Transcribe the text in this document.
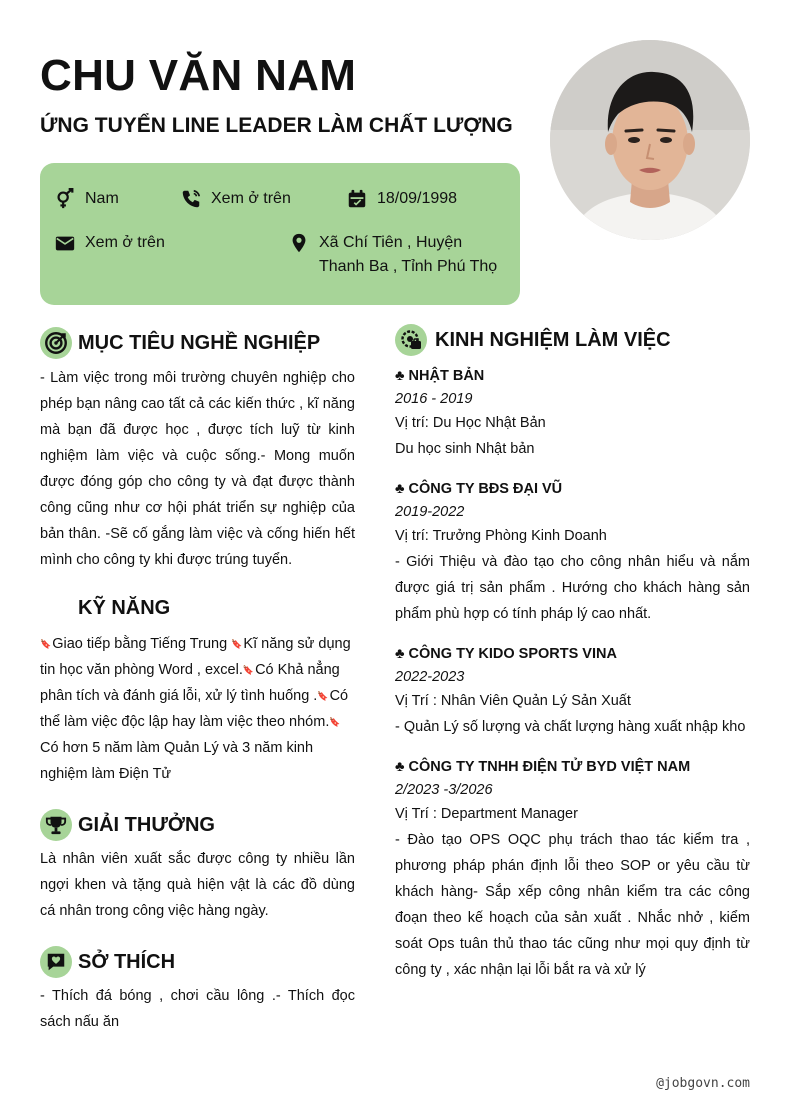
CHU VĂN NAM
ỨNG TUYỂN LINE LEADER LÀM CHẤT LƯỢNG
Nam	Xem ở trên	18/09/1998
Xem ở trên	Xã Chí Tiên , Huyện Thanh Ba , Tỉnh Phú Thọ
MỤC TIÊU NGHỀ NGHIỆP
- Làm việc trong môi trường chuyên nghiệp cho phép bạn nâng cao tất cả các kiến thức , kĩ năng mà bạn đã được học , được tích luỹ từ kinh nghiệm làm việc và cuộc sống.- Mong muốn được đóng góp cho công ty và đạt được thành công cũng như cơ hội phát triển sự nghiệp của bản thân. -Sẽ cố gắng làm việc và cống hiến hết mình cho công ty khi được trúng tuyển.
KỸ NĂNG
🔖Giao tiếp bằng Tiếng Trung 🔖Kĩ năng sử dụng tin học văn phòng Word , excel.🔖Có Khả nẳng phân tích và đánh giá lỗi, xử lý tình huống .🔖Có thể làm việc độc lập hay làm việc theo nhóm.🔖Có hơn 5 năm làm Quản Lý và 3 năm kinh nghiệm làm Điện Tử
GIẢI THƯỞNG
Là nhân viên xuất sắc được công ty nhiều lần ngợi khen và tặng quà hiện vật là các đồ dùng cá nhân trong công việc hàng ngày.
SỞ THÍCH
- Thích đá bóng , chơi cầu lông .- Thích đọc sách nấu ăn
KINH NGHIỆM LÀM VIỆC
♣ NHẬT BẢN
2016 - 2019
Vị trí: Du Học Nhật Bản
Du học sinh Nhật bản
♣ CÔNG TY BĐS ĐẠI VŨ
2019-2022
Vị trí: Trưởng Phòng Kinh Doanh
- Giới Thiệu và đào tạo cho công nhân hiểu và nắm được giá trị sản phẩm . Hướng cho khách hàng sản phẩm phù hợp có tính pháp lý cao nhất.
♣ CÔNG TY KIDO SPORTS VINA
2022-2023
Vị Trí : Nhân Viên Quản Lý Sản Xuất
- Quản Lý số lượng và chất lượng hàng xuất nhập kho
♣ CÔNG TY TNHH ĐIỆN TỬ BYD VIỆT NAM
2/2023 -3/2026
Vị Trí : Department Manager
- Đào tạo OPS OQC phụ trách thao tác kiểm tra , phương pháp phán định lỗi theo SOP or yêu cầu từ khách hàng- Sắp xếp công nhân kiểm tra các công đoạn theo kế hoạch của sản xuất . Nhắc nhở , kiểm soát Ops tuân thủ thao tác cũng như mọi quy định từ công ty , xác nhận lại lỗi bắt ra và xử lý
@jobgovn.com
